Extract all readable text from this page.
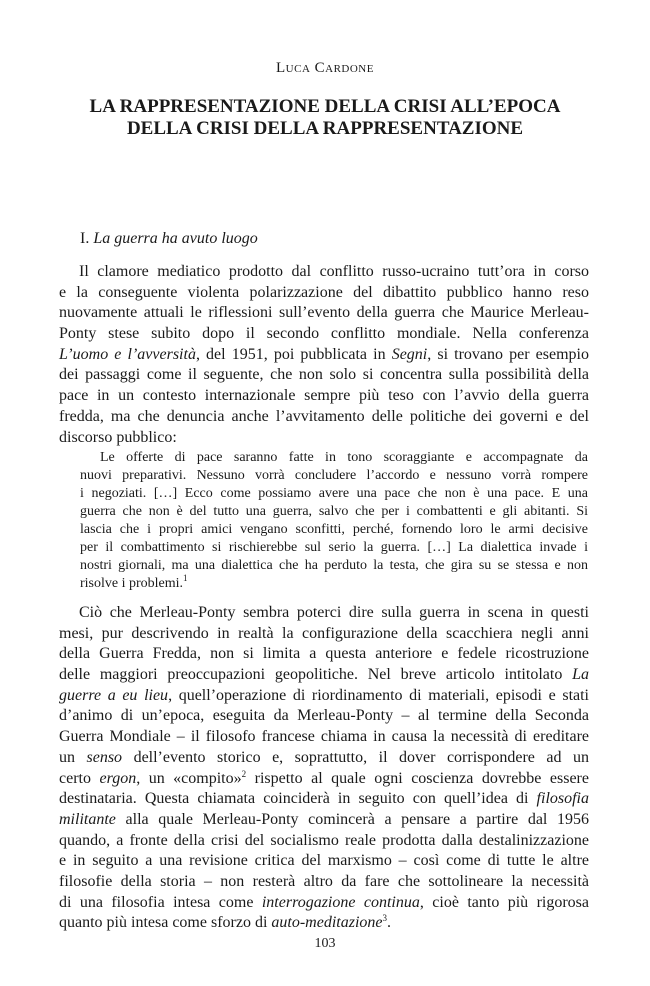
Luca Cardone
LA RAPPRESENTAZIONE DELLA CRISI ALL’EPOCA
DELLA CRISI DELLA RAPPRESENTAZIONE
I. La guerra ha avuto luogo
Il clamore mediatico prodotto dal conflitto russo-ucraino tutt’ora in corso
e la conseguente violenta polarizzazione del dibattito pubblico hanno reso
nuovamente attuali le riflessioni sull’evento della guerra che Maurice Merleau-
Ponty stese subito dopo il secondo conflitto mondiale. Nella conferenza
L’uomo e l’avversità, del 1951, poi pubblicata in Segni, si trovano per esempio
dei passaggi come il seguente, che non solo si concentra sulla possibilità della
pace in un contesto internazionale sempre più teso con l’avvio della guerra
fredda, ma che denuncia anche l’avvitamento delle politiche dei governi e del
discorso pubblico:
Le offerte di pace saranno fatte in tono scoraggiante e accompagnate da
nuovi preparativi. Nessuno vorrà concludere l’accordo e nessuno vorrà rompere
i negoziati. […] Ecco come possiamo avere una pace che non è una pace. E una
guerra che non è del tutto una guerra, salvo che per i combattenti e gli abitanti. Si
lascia che i propri amici vengano sconfitti, perché, fornendo loro le armi decisive
per il combattimento si rischierebbe sul serio la guerra. […] La dialettica invade i
nostri giornali, ma una dialettica che ha perduto la testa, che gira su se stessa e non
risolve i problemi.$^1$
Ciò che Merleau-Ponty sembra poterci dire sulla guerra in scena in questi
mesi, pur descrivendo in realtà la configurazione della scacchiera negli anni
della Guerra Fredda, non si limita a questa anteriore e fedele ricostruzione
delle maggiori preoccupazioni geopolitiche. Nel breve articolo intitolato La
guerre a eu lieu, quell’operazione di riordinamento di materiali, episodi e stati
d’animo di un’epoca, eseguita da Merleau-Ponty – al termine della Seconda
Guerra Mondiale – il filosofo francese chiama in causa la necessità di ereditare
un senso dell’evento storico e, soprattutto, il dover corrispondere ad un
certo ergon, un «compito»$^2$ rispetto al quale ogni coscienza dovrebbe essere
destinataria. Questa chiamata coinciderà in seguito con quell’idea di filosofia
militante alla quale Merleau-Ponty comincerà a pensare a partire dal 1956
quando, a fronte della crisi del socialismo reale prodotta dalla destalinizzazione
e in seguito a una revisione critica del marxismo – così come di tutte le altre
filosofie della storia – non resterà altro da fare che sottolineare la necessità
di una filosofia intesa come interrogazione continua, cioè tanto più rigorosa
quanto più intesa come sforzo di auto-meditazione$^3$.
103
